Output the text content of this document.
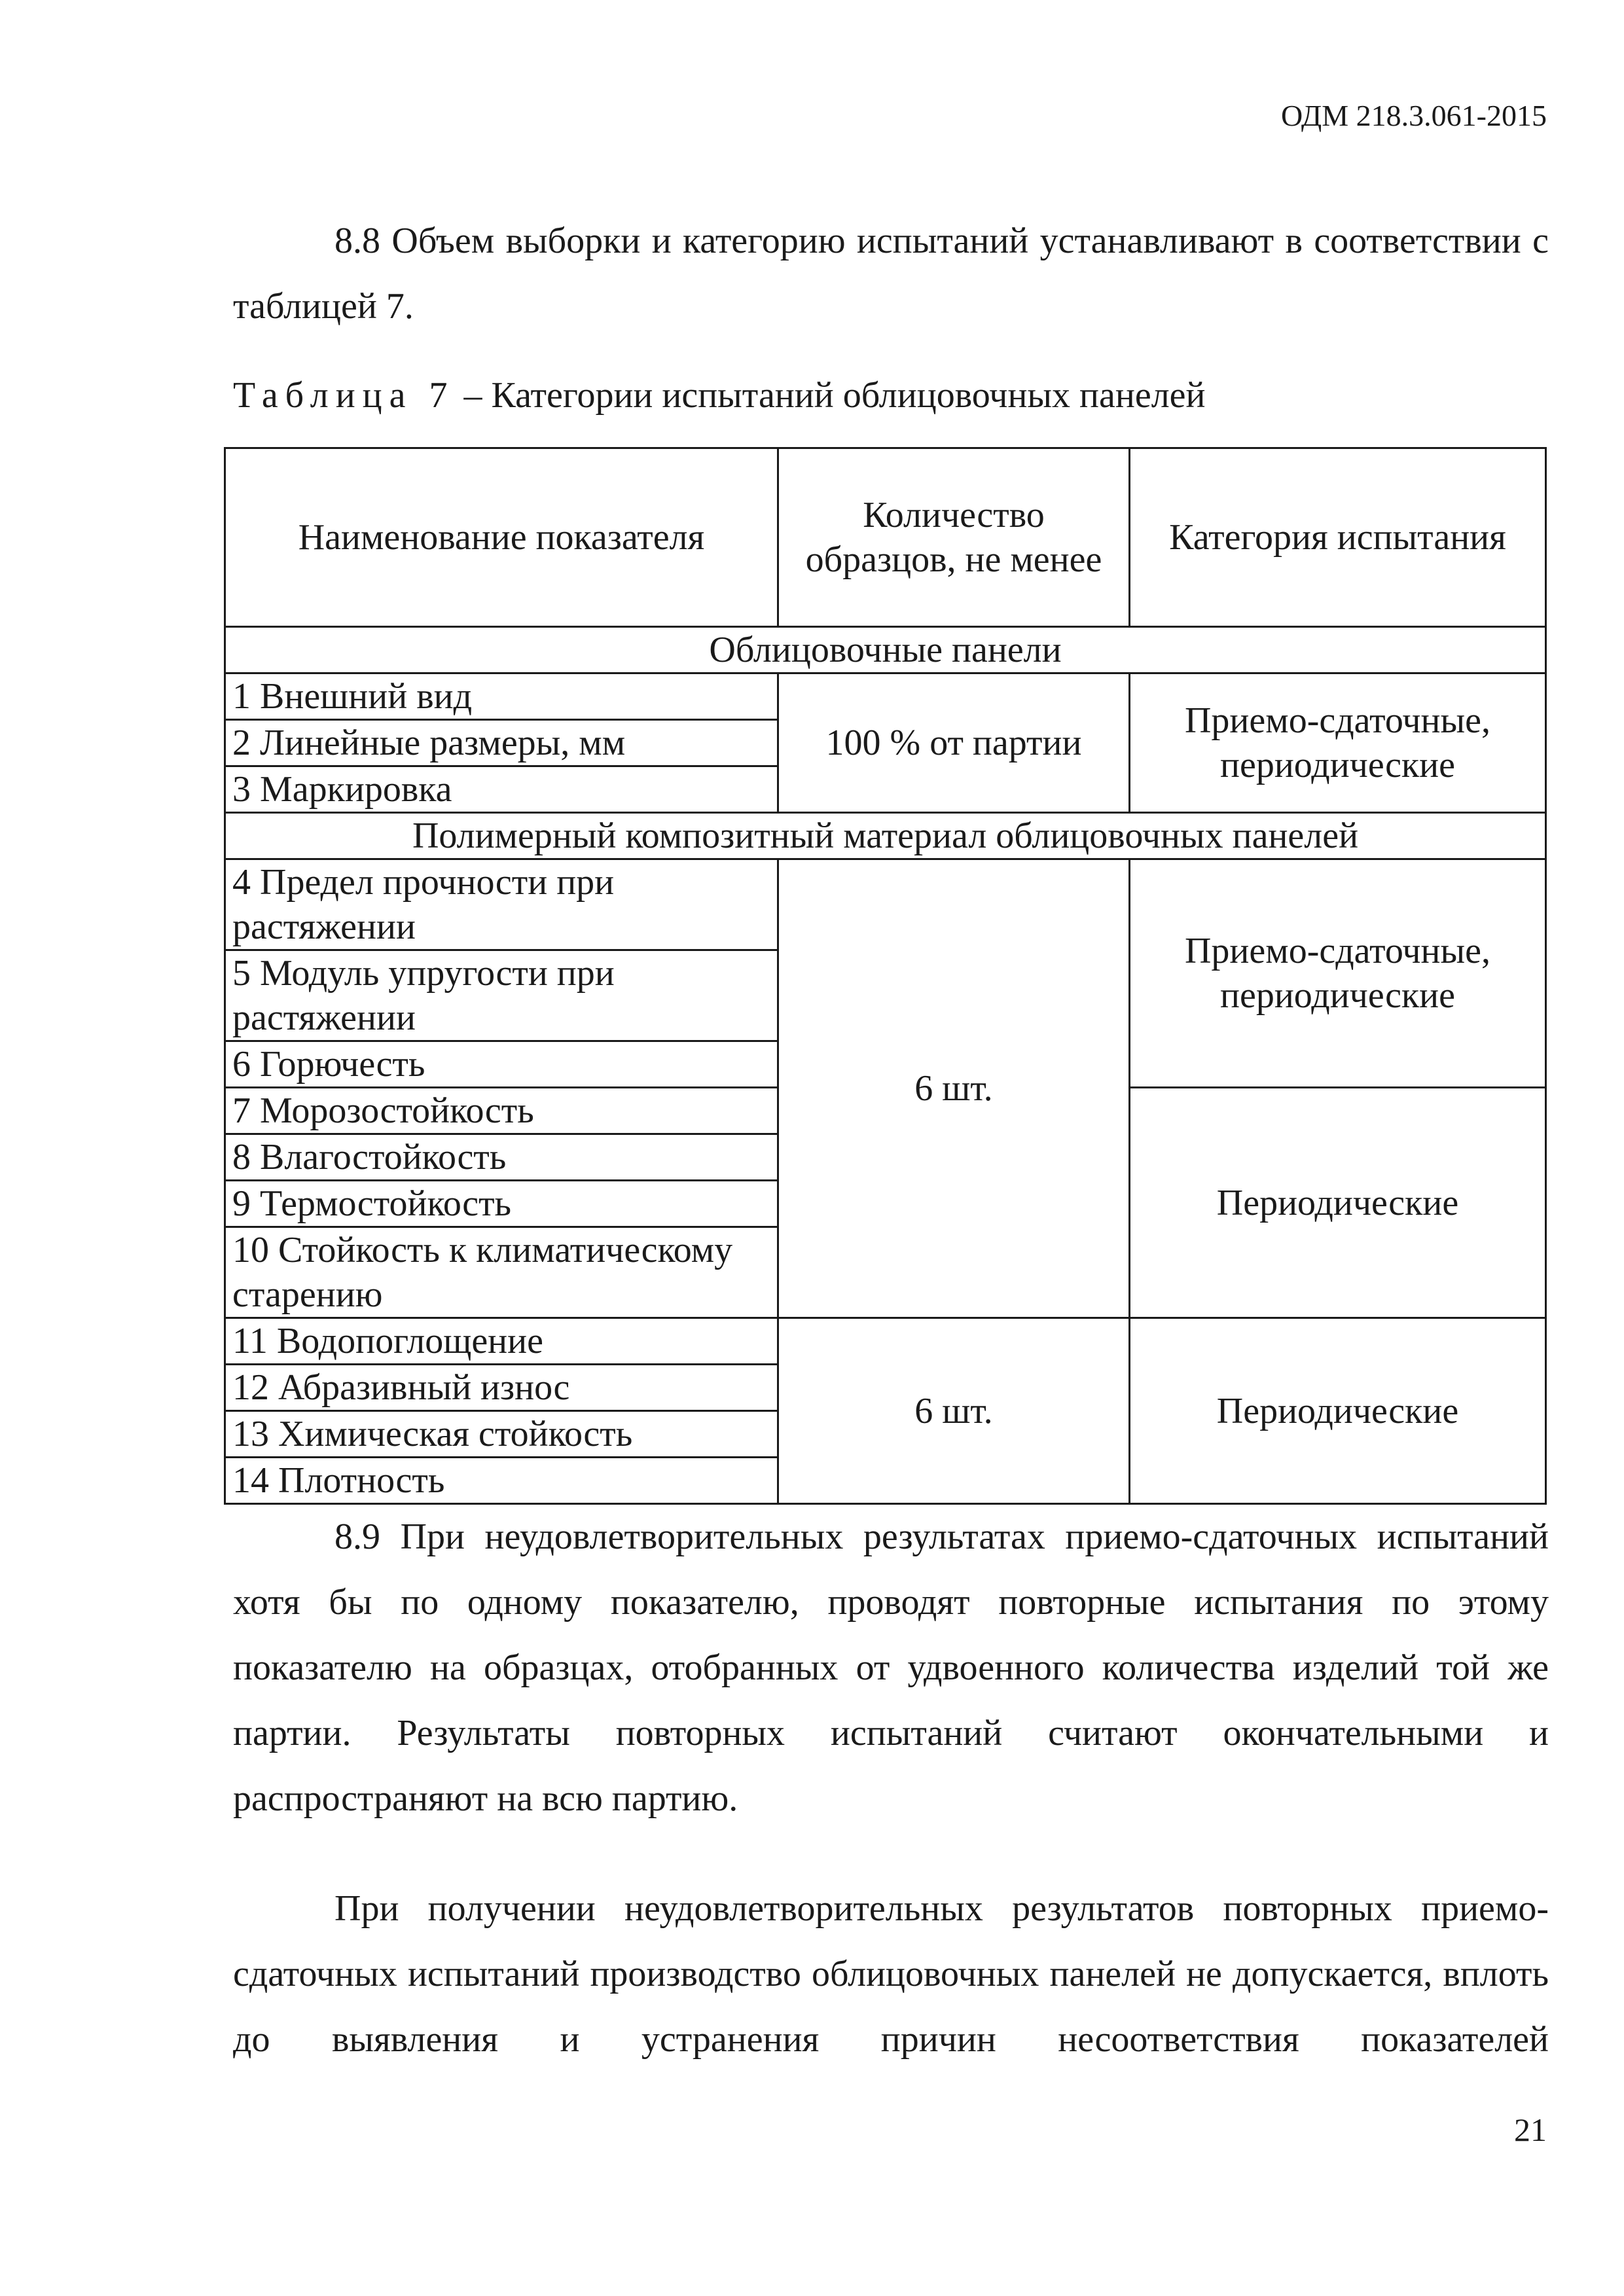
ОДМ 218.3.061-2015

8.8 Объем выборки и категорию испытаний устанавливают в соответствии с таблицей 7.

Таблица 7 – Категории испытаний облицовочных панелей
Наименование показателя	Количество образцов, не менее	Категория испытания
Облицовочные панели		
1 Внешний вид	100 % от партии	Приемо-сдаточные, периодические
2 Линейные размеры, мм		
3 Маркировка		
Полимерный композитный материал облицовочных панелей		
4 Предел прочности при растяжении	6 шт.	Приемо-сдаточные, периодические
5 Модуль упругости при растяжении		
6 Горючесть		
7 Морозостойкость		Периодические
8 Влагостойкость		
9 Термостойкость		
10 Стойкость к климатическому старению		
11 Водопоглощение	6 шт.	Периодические
12 Абразивный износ		
13 Химическая стойкость		
14 Плотность		

8.9 При неудовлетворительных результатах приемо-сдаточных испытаний хотя бы по одному показателю, проводят повторные испытания по этому показателю на образцах, отобранных от удвоенного количества изделий той же партии. Результаты повторных испытаний считают окончательными и распространяют на всю партию.

При получении неудовлетворительных результатов повторных приемо-сдаточных испытаний производство облицовочных панелей не допускается, вплоть до выявления и устранения причин несоответствия показателей

21
